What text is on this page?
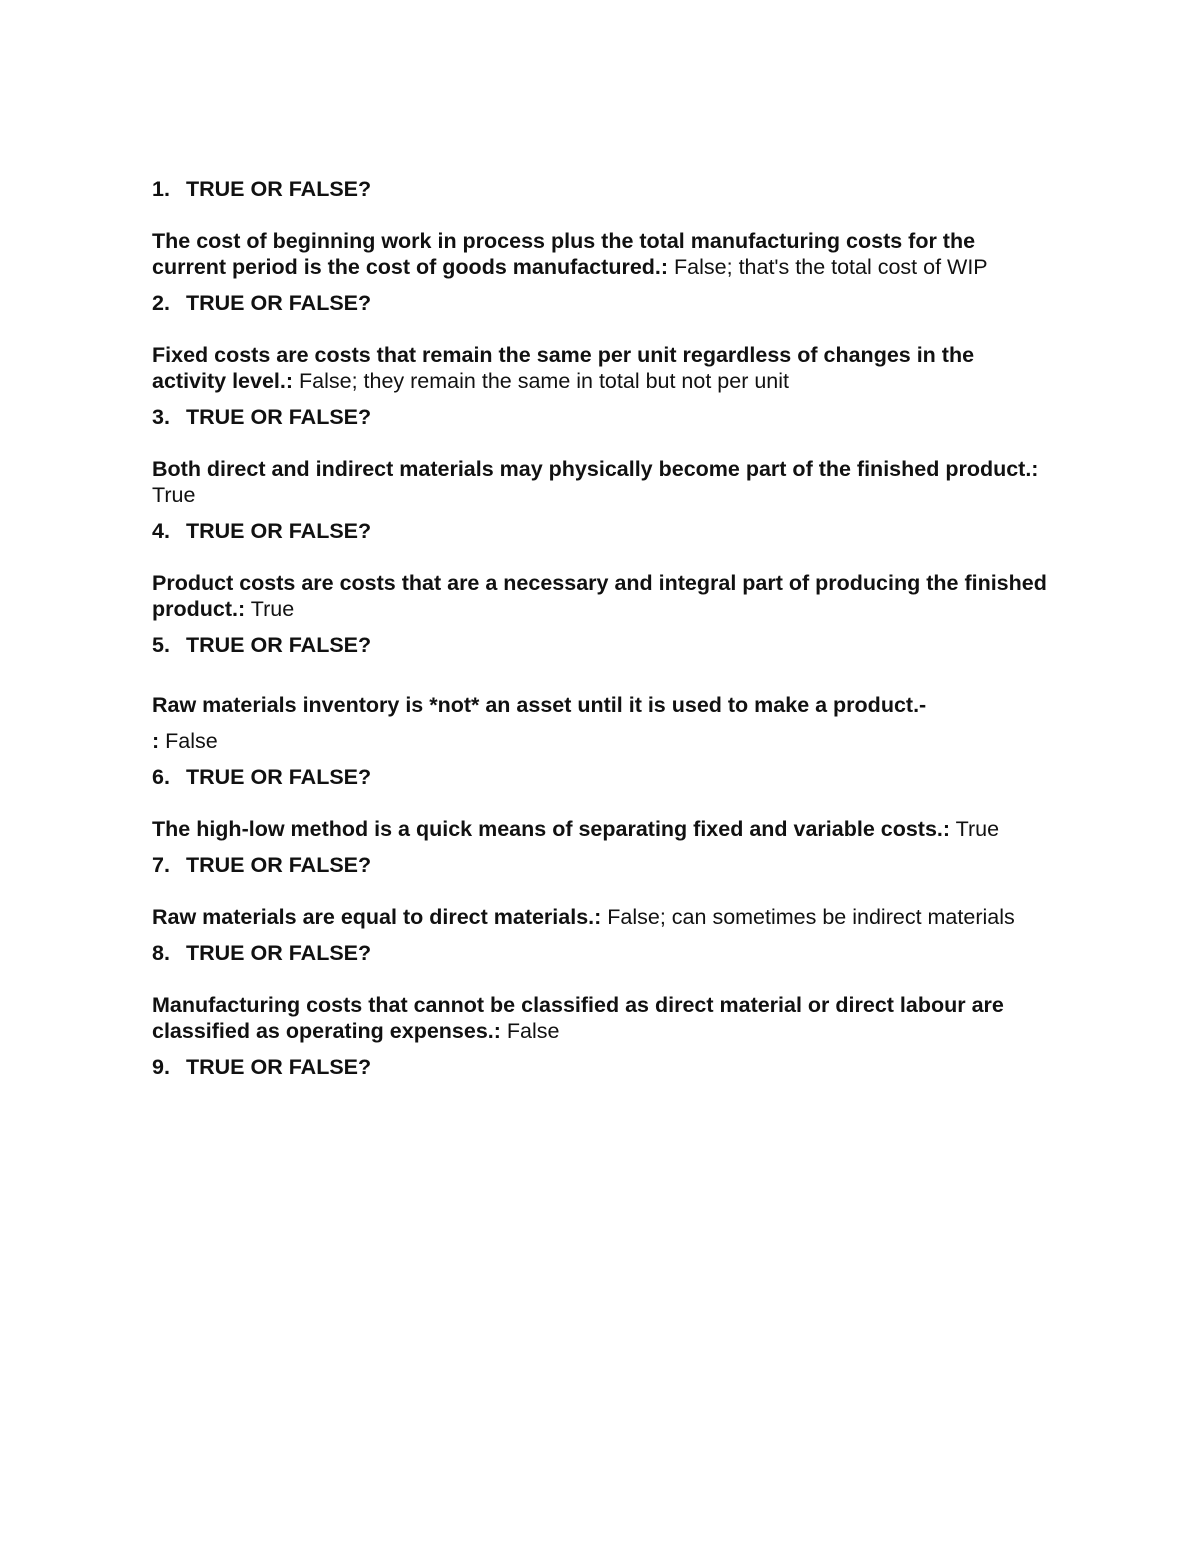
1. TRUE OR FALSE?

The cost of beginning work in process plus the total manufacturing costs for the current period is the cost of goods manufactured.: False; that's the total cost of WIP

2. TRUE OR FALSE?

Fixed costs are costs that remain the same per unit regardless of changes in the activity level.: False; they remain the same in total but not per unit

3. TRUE OR FALSE?

Both direct and indirect materials may physically become part of the finished product.: True

4. TRUE OR FALSE?

Product costs are costs that are a necessary and integral part of producing the finished product.: True

5. TRUE OR FALSE?

Raw materials inventory is *not* an asset until it is used to make a product.-
: False

6. TRUE OR FALSE?

The high-low method is a quick means of separating fixed and variable costs.: True

7. TRUE OR FALSE?

Raw materials are equal to direct materials.: False; can sometimes be indirect materials

8. TRUE OR FALSE?

Manufacturing costs that cannot be classified as direct material or direct labour are classified as operating expenses.: False

9. TRUE OR FALSE?
